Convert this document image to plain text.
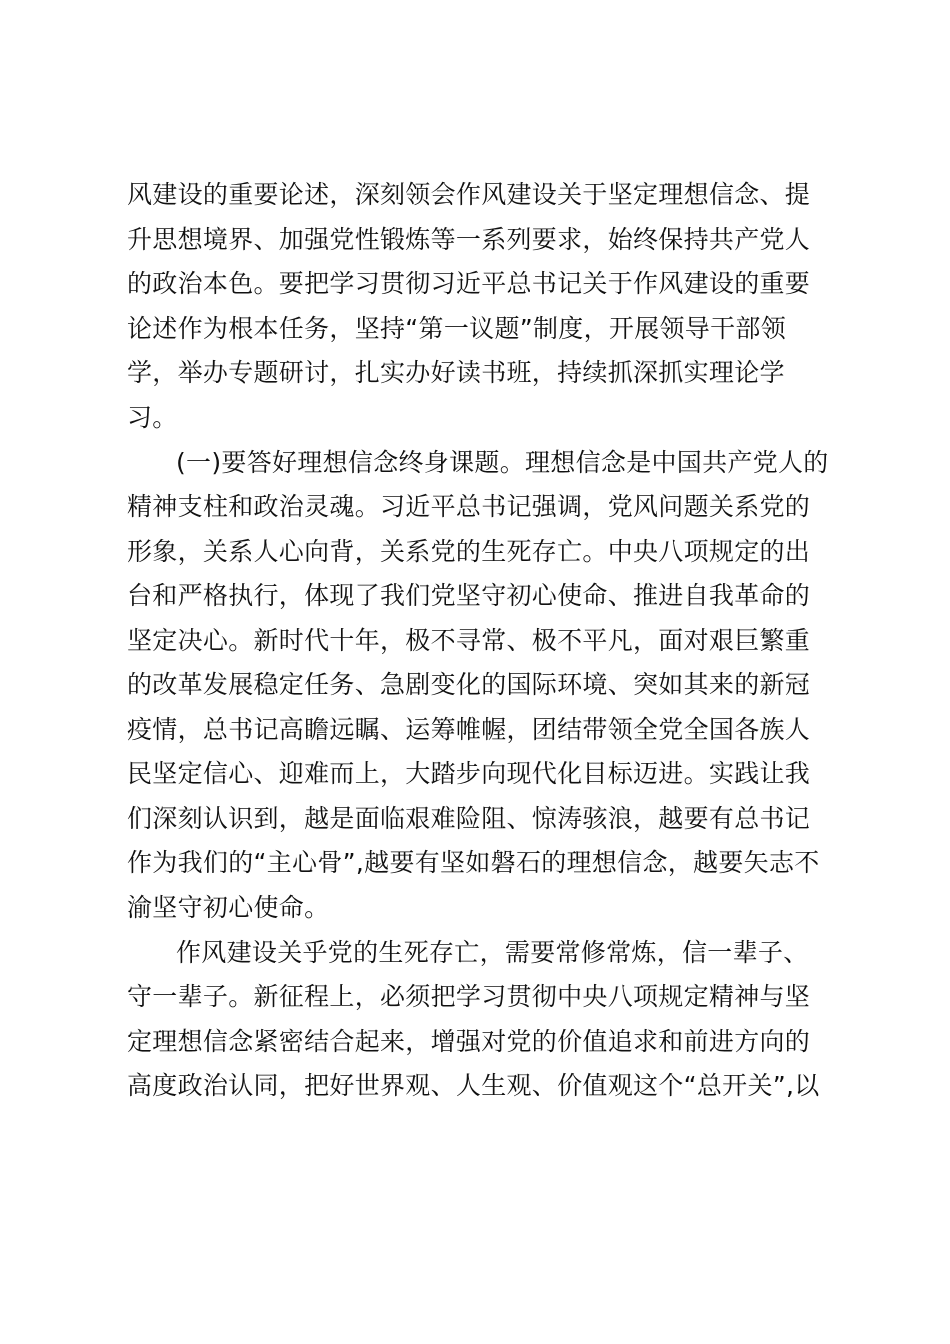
风建设的重要论述，深刻领会作风建设关于坚定理想信念、提
升思想境界、加强党性锻炼等一系列要求，始终保持共产党人
的政治本色。要把学习贯彻习近平总书记关于作风建设的重要
论述作为根本任务，坚持“第一议题”制度，开展领导干部领
学，举办专题研讨，扎实办好读书班，持续抓深抓实理论学
习。
(一)要答好理想信念终身课题。理想信念是中国共产党人的
精神支柱和政治灵魂。习近平总书记强调，党风问题关系党的
形象，关系人心向背，关系党的生死存亡。中央八项规定的出
台和严格执行，体现了我们党坚守初心使命、推进自我革命的
坚定决心。新时代十年，极不寻常、极不平凡，面对艰巨繁重
的改革发展稳定任务、急剧变化的国际环境、突如其来的新冠
疫情，总书记高瞻远瞩、运筹帷幄，团结带领全党全国各族人
民坚定信心、迎难而上，大踏步向现代化目标迈进。实践让我
们深刻认识到，越是面临艰难险阻、惊涛骇浪，越要有总书记
作为我们的“主心骨”,越要有坚如磐石的理想信念，越要矢志不
渝坚守初心使命。
作风建设关乎党的生死存亡，需要常修常炼，信一辈子、
守一辈子。新征程上，必须把学习贯彻中央八项规定精神与坚
定理想信念紧密结合起来，增强对党的价值追求和前进方向的
高度政治认同，把好世界观、人生观、价值观这个“总开关”,以
